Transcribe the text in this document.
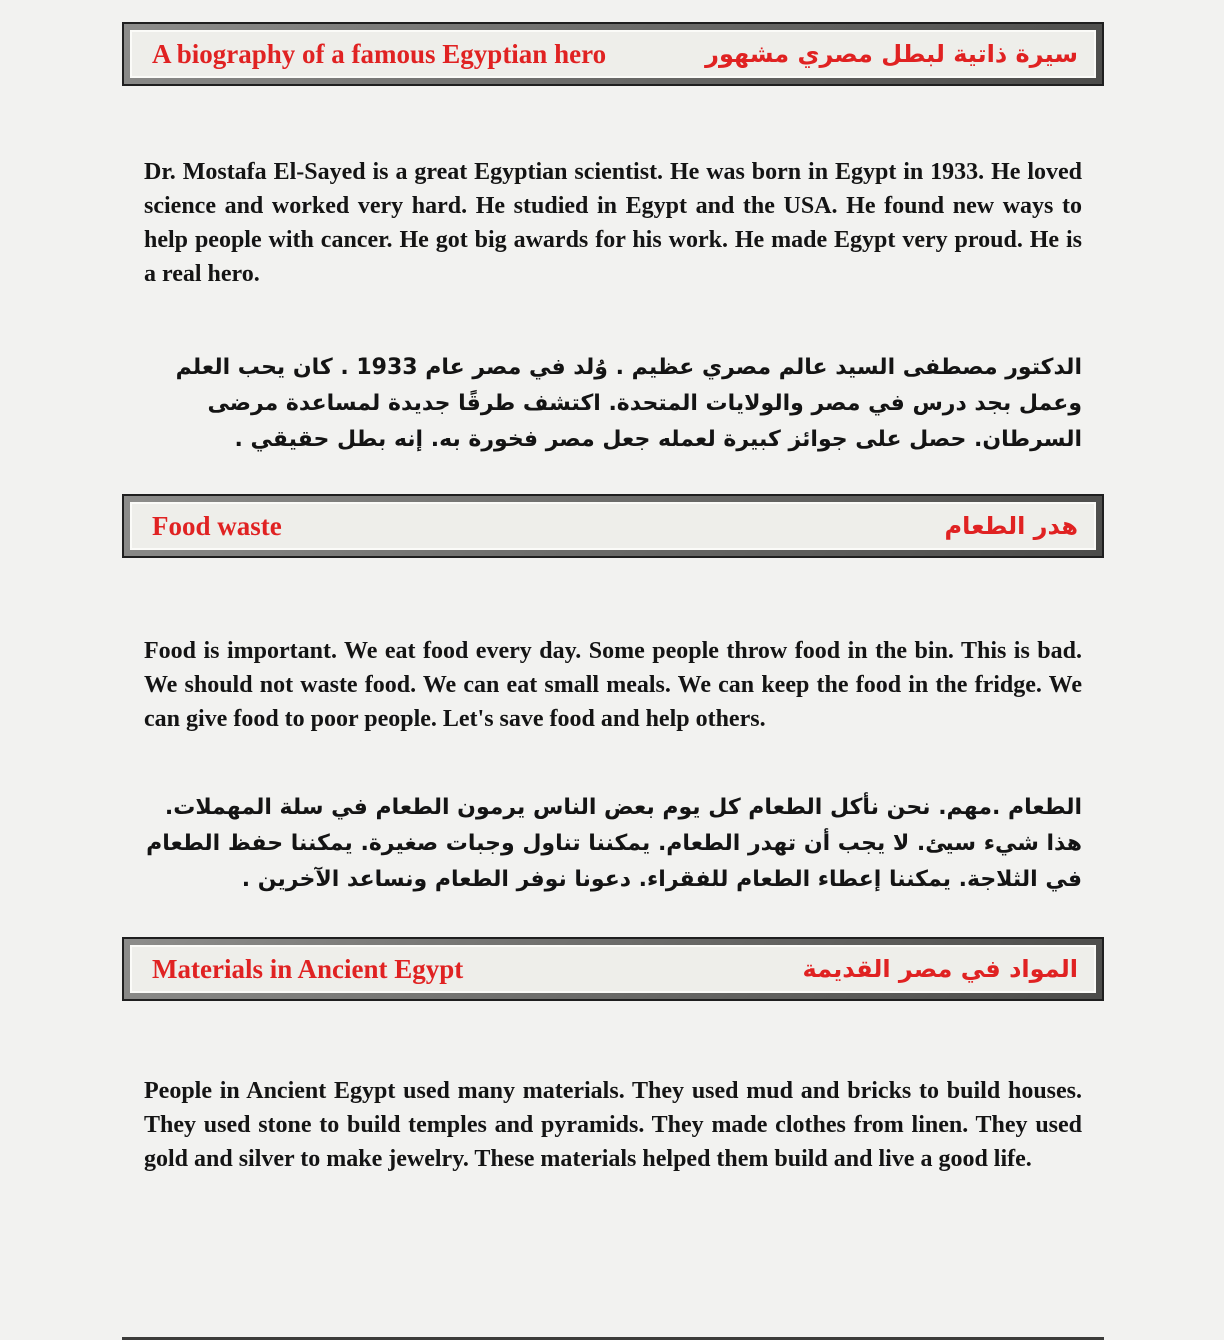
A biography of a famous Egyptian hero	سيرة ذاتية لبطل مصري مشهور

Dr. Mostafa El-Sayed is a great Egyptian scientist. He was born in Egypt in 1933. He loved science and worked very hard. He studied in Egypt and the USA. He found new ways to help people with cancer. He got big awards for his work. He made Egypt very proud. He is a real hero.

الدكتور مصطفى السيد عالم مصري عظيم . وُلد في مصر عام 1933 . كان يحب العلم وعمل بجد درس في مصر والولايات المتحدة. اكتشف طرقًا جديدة لمساعدة مرضى السرطان. حصل على جوائز كبيرة لعمله جعل مصر فخورة به. إنه بطل حقيقي .

Food waste	هدر الطعام

Food is important. We eat food every day. Some people throw food in the bin. This is bad. We should not waste food. We can eat small meals. We can keep the food in the fridge. We can give food to poor people. Let's save food and help others.

الطعام .مهم. نحن نأكل الطعام كل يوم بعض الناس يرمون الطعام في سلة المهملات. هذا شيء سيئ. لا يجب أن تهدر الطعام. يمكننا تناول وجبات صغيرة. يمكننا حفظ الطعام في الثلاجة. يمكننا إعطاء الطعام للفقراء. دعونا نوفر الطعام ونساعد الآخرين .

Materials in Ancient Egypt	المواد في مصر القديمة

People in Ancient Egypt used many materials. They used mud and bricks to build houses. They used stone to build temples and pyramids. They made clothes from linen. They used gold and silver to make jewelry. These materials helped them build and live a good life.
